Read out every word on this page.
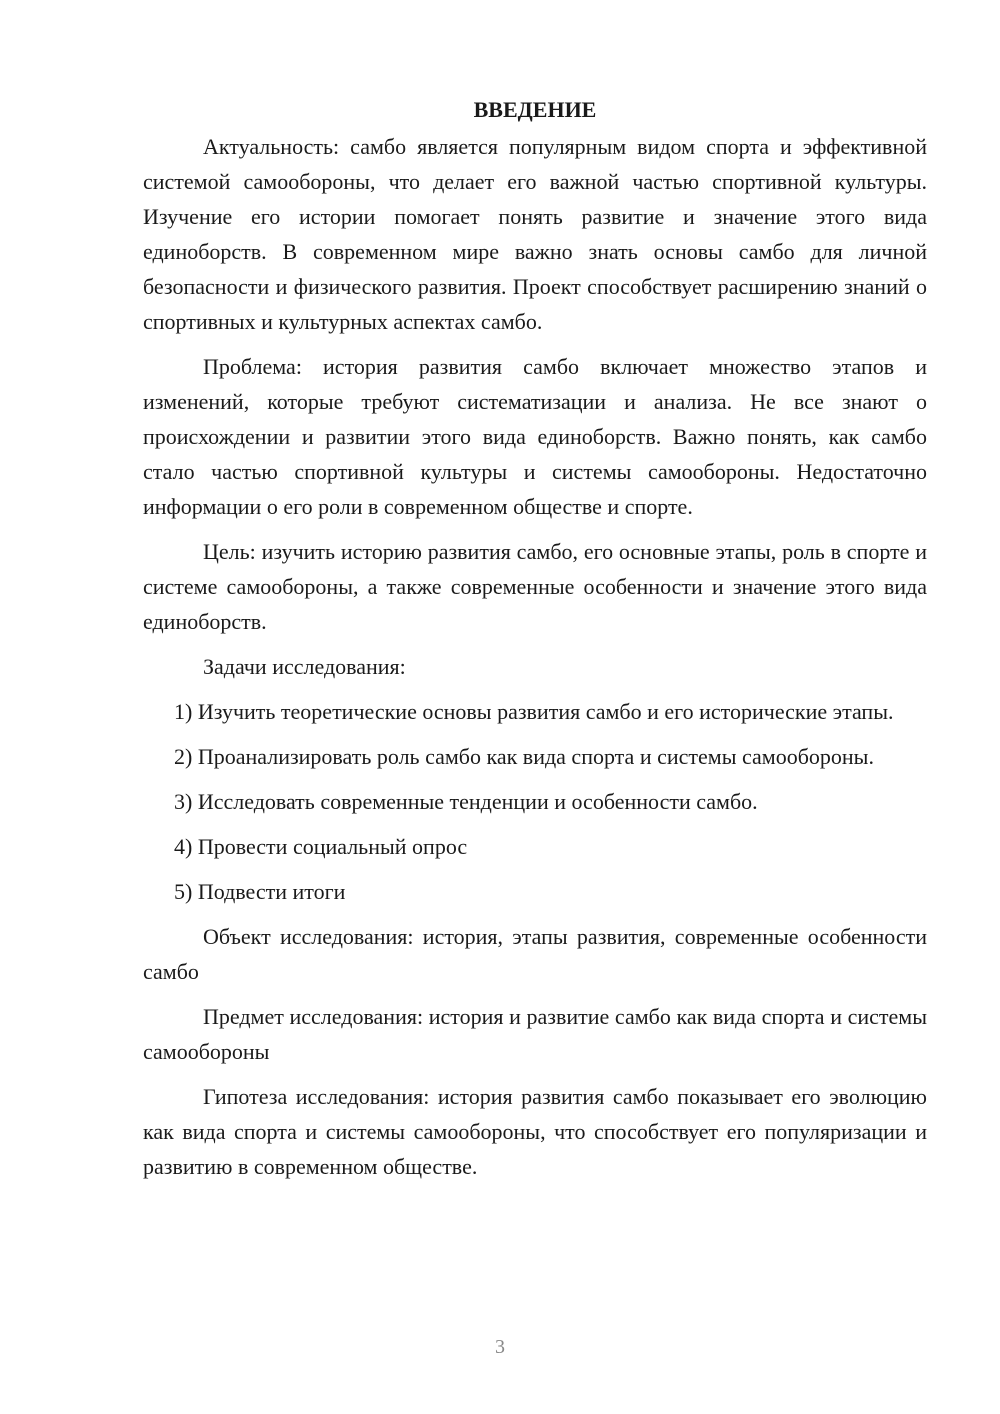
ВВЕДЕНИЕ

Актуальность: самбо является популярным видом спорта и эффективной системой самообороны, что делает его важной частью спортивной культуры. Изучение его истории помогает понять развитие и значение этого вида единоборств. В современном мире важно знать основы самбо для личной безопасности и физического развития. Проект способствует расширению знаний о спортивных и культурных аспектах самбо.

Проблема: история развития самбо включает множество этапов и изменений, которые требуют систематизации и анализа. Не все знают о происхождении и развитии этого вида единоборств. Важно понять, как самбо стало частью спортивной культуры и системы самообороны. Недостаточно информации о его роли в современном обществе и спорте.

Цель: изучить историю развития самбо, его основные этапы, роль в спорте и системе самообороны, а также современные особенности и значение этого вида единоборств.

Задачи исследования:

1) Изучить теоретические основы развития самбо и его исторические этапы.

2) Проанализировать роль самбо как вида спорта и системы самообороны.

3) Исследовать современные тенденции и особенности самбо.

4) Провести социальный опрос

5) Подвести итоги

Объект исследования: история, этапы развития, современные особенности самбо

Предмет исследования: история и развитие самбо как вида спорта и системы самообороны

Гипотеза исследования: история развития самбо показывает его эволюцию как вида спорта и системы самообороны, что способствует его популяризации и развитию в современном обществе.

3
